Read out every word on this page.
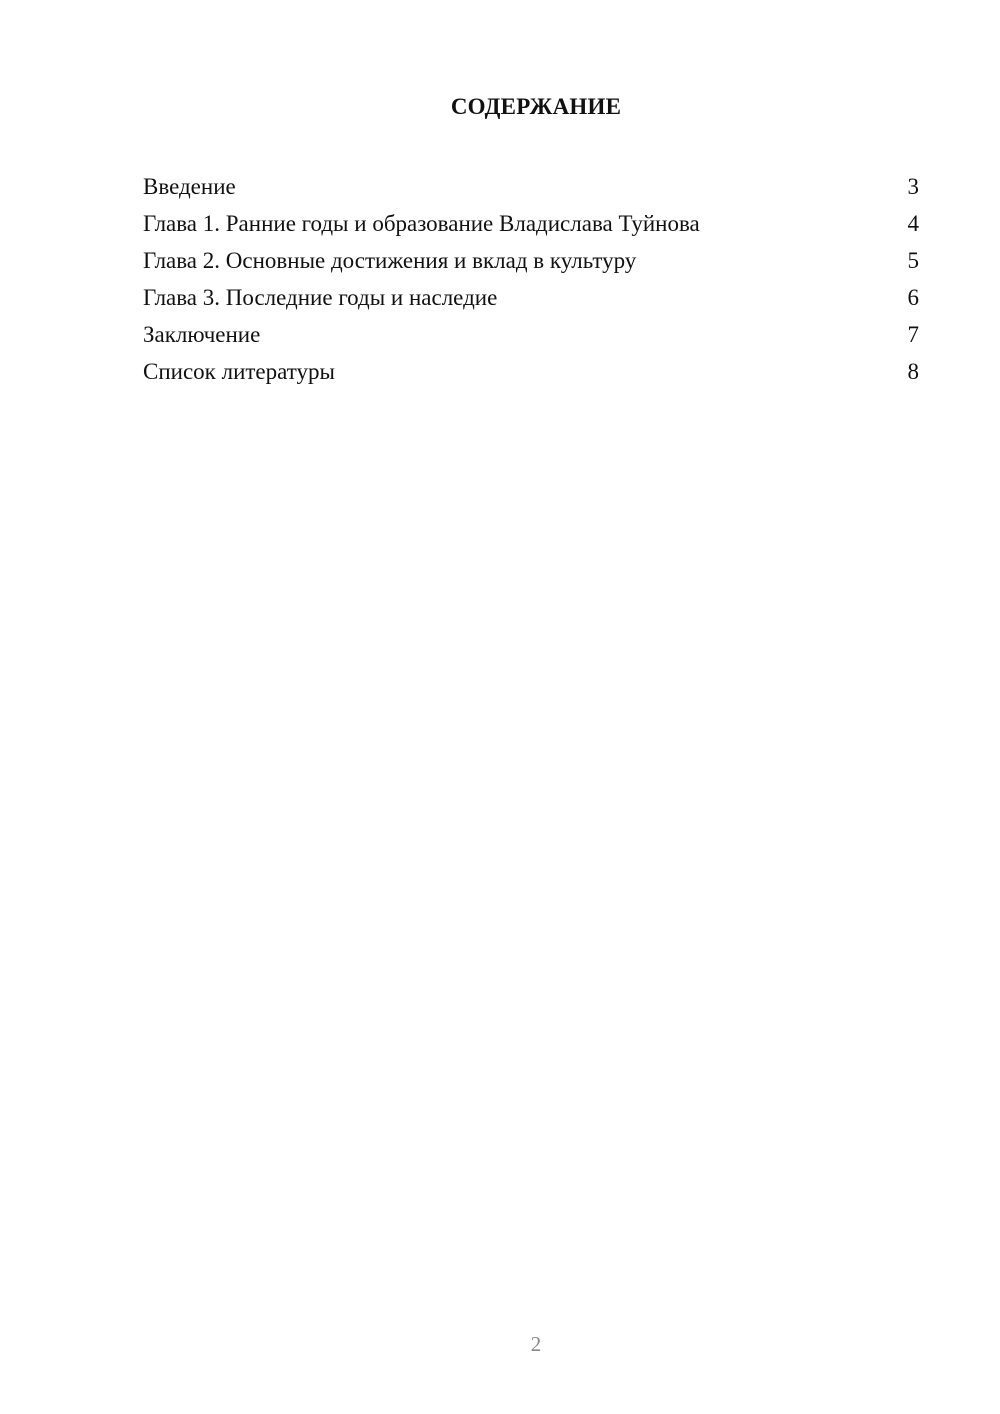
СОДЕРЖАНИЕ
Введение	3
Глава 1. Ранние годы и образование Владислава Туйнова	4
Глава 2. Основные достижения и вклад в культуру	5
Глава 3. Последние годы и наследие	6
Заключение	7
Список литературы	8
2
